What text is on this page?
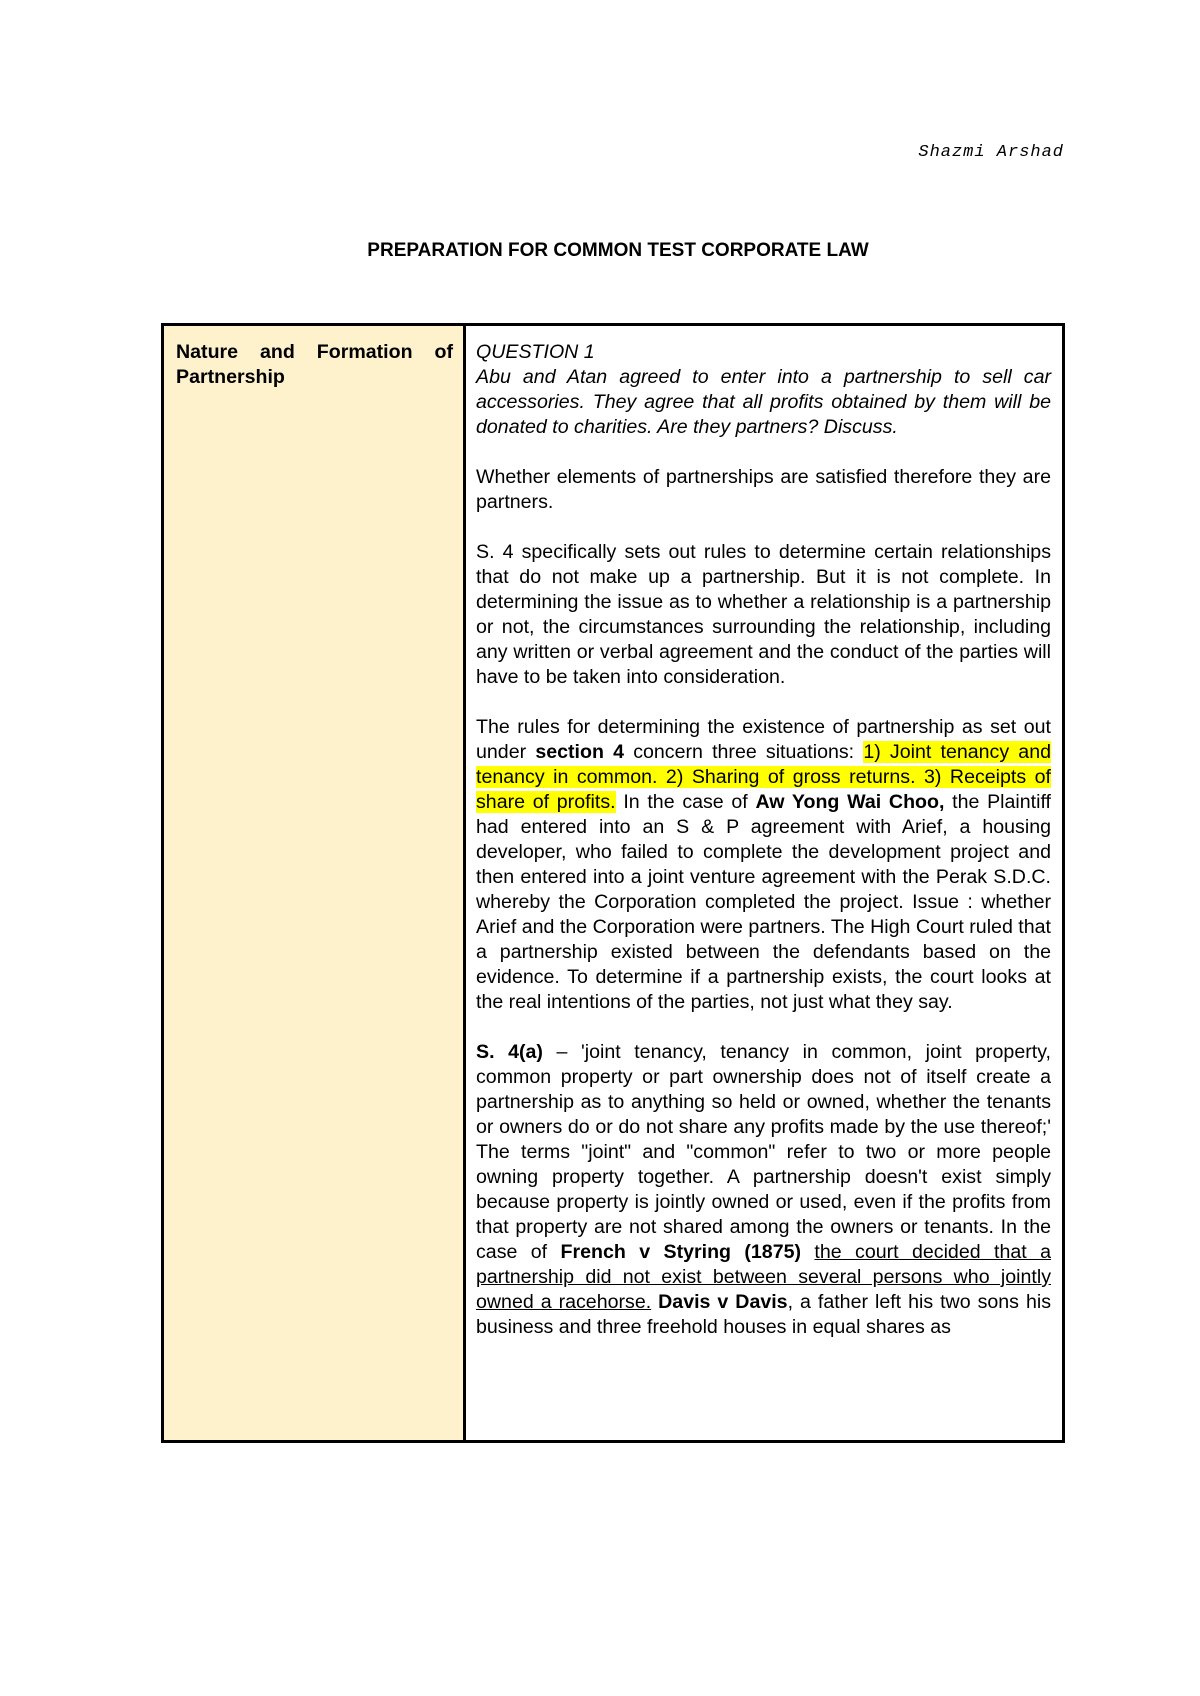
Shazmi Arshad
PREPARATION FOR COMMON TEST CORPORATE LAW
Nature and Formation of Partnership

QUESTION 1

Abu and Atan agreed to enter into a partnership to sell car accessories. They agree that all profits obtained by them will be donated to charities. Are they partners? Discuss.

Whether elements of partnerships are satisfied therefore they are partners.

S. 4 specifically sets out rules to determine certain relationships that do not make up a partnership. But it is not complete. In determining the issue as to whether a relationship is a partnership or not, the circumstances surrounding the relationship, including any written or verbal agreement and the conduct of the parties will have to be taken into consideration.

The rules for determining the existence of partnership as set out under section 4 concern three situations: 1) Joint tenancy and tenancy in common. 2) Sharing of gross returns. 3) Receipts of share of profits. In the case of Aw Yong Wai Choo, the Plaintiff had entered into an S & P agreement with Arief, a housing developer, who failed to complete the development project and then entered into a joint venture agreement with the Perak S.D.C. whereby the Corporation completed the project. Issue : whether Arief and the Corporation were partners. The High Court ruled that a partnership existed between the defendants based on the evidence. To determine if a partnership exists, the court looks at the real intentions of the parties, not just what they say.

S. 4(a) – 'joint tenancy, tenancy in common, joint property, common property or part ownership does not of itself create a partnership as to anything so held or owned, whether the tenants or owners do or do not share any profits made by the use thereof;' The terms "joint" and "common" refer to two or more people owning property together. A partnership doesn't exist simply because property is jointly owned or used, even if the profits from that property are not shared among the owners or tenants. In the case of French v Styring (1875) the court decided that a partnership did not exist between several persons who jointly owned a racehorse. Davis v Davis, a father left his two sons his business and three freehold houses in equal shares as
